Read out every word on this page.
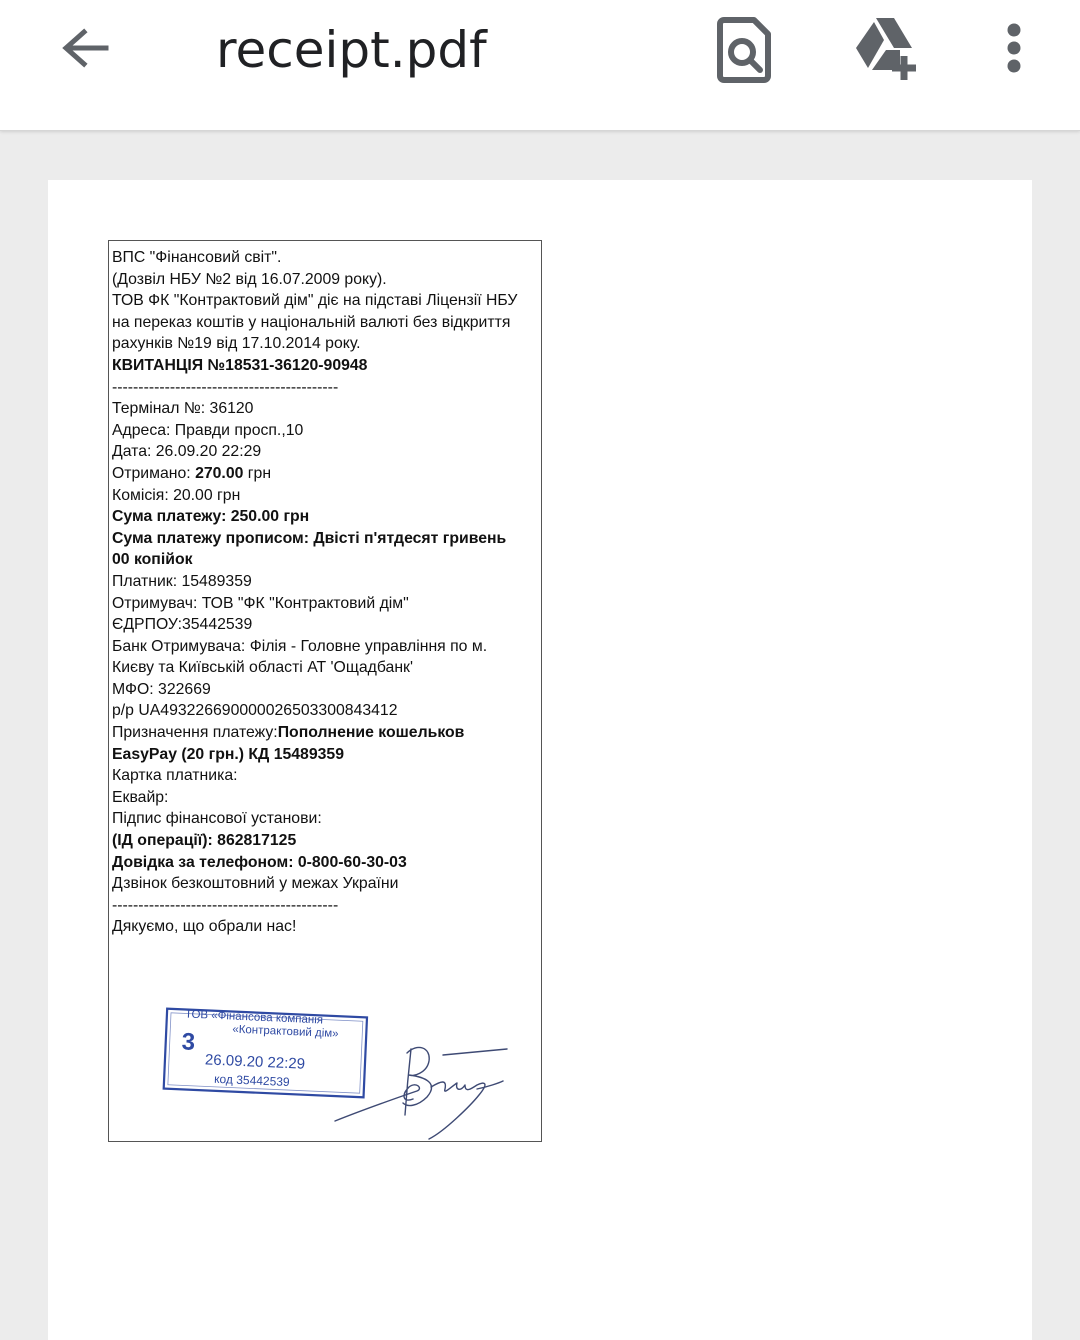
receipt.pdf
ВПС "Фінансовий світ".
(Дозвіл НБУ №2 від 16.07.2009 року).
ТОВ ФК "Контрактовий дім" діє на підставі Ліцензії НБУ
на переказ коштів у національній валюті без відкриття
рахунків №19 від 17.10.2014 року.
КВИТАНЦІЯ №18531-36120-90948
-------------------------------------------
Термінал №: 36120
Адреса: Правди просп.,10
Дата: 26.09.20 22:29
Отримано: 270.00 грн
Комісія: 20.00 грн
Сума платежу: 250.00 грн
Сума платежу прописом: Двісті п'ятдесят гривень
00 копійок
Платник: 15489359
Отримувач: ТОВ "ФК "Контрактовий дім"
ЄДРПОУ:35442539
Банк Отримувача: Філія - Головне управління по м.
Києву та Київській області АТ 'Ощадбанк'
МФО: 322669
р/р UA493226690000026503300843412
Призначення платежу:Пополнение кошельков
EasyPay (20 грн.) КД 15489359
Картка платника:
Еквайр:
Підпис фінансової установи:
(ІД операції): 862817125
Довідка за телефоном: 0-800-60-30-03
Дзвінок безкоштовний у межах України
-------------------------------------------
Дякуємо, що обрали нас!
ТОВ «Фінансова компанія
«Контрактовий дім»
3
26.09.20 22:29
код 35442539
